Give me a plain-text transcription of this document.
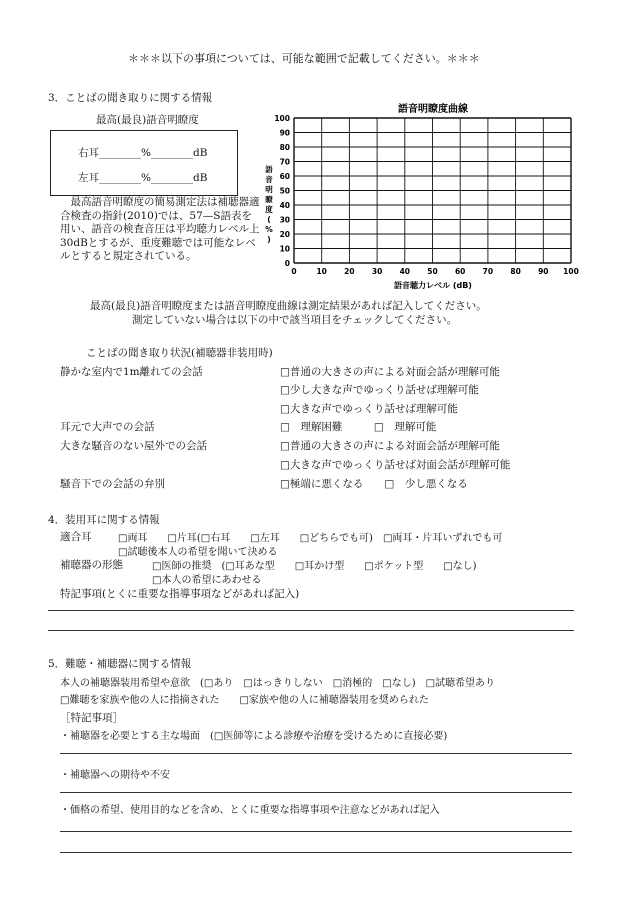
＊＊＊以下の事項については、可能な範囲で記載してください。＊＊＊
3．ことばの聞き取りに関する情報
最高(最良)語音明瞭度
右耳________%________dB
左耳________%________dB
　最高語音明瞭度の簡易測定法は補聴器適合検査の指針(2010)では、57—S語表を用い、語音の検査音圧は平均聴力レベル上30dBとするが、重度難聴では可能なレベルとすると規定されている。
語音明瞭度曲線
0
10
20
30
40
50
60
70
80
90
100
0	10 20 30 40 50 60 70 80 90 100
語音聴力レベル (dB)
語
音
明
瞭
度
(
%
)
最高(最良)語音明瞭度または語音明瞭度曲線は測定結果があれば記入してください。
測定していない場合は以下の中で該当項目をチェックしてください。
ことばの聞き取り状況(補聴器非装用時)
静かな室内で1m離れての会話	□普通の大きさの声による対面会話が理解可能
□少し大きな声でゆっくり話せば理解可能
□大きな声でゆっくり話せば理解可能
耳元で大声での会話	□　理解困難　　　□　理解可能
大きな騒音のない屋外での会話	□普通の大きさの声による対面会話が理解可能
□大きな声でゆっくり話せば対面会話が理解可能
騒音下での会話の弁別	□極端に悪くなる　　□　少し悪くなる
4．装用耳に関する情報
適合耳	□両耳　　□片耳(□右耳　　□左耳　　□どちらでも可)　□両耳・片耳いずれでも可
□試聴後本人の希望を聞いて決める
補聴器の形態	□医師の推奨　(□耳あな型　　□耳かけ型　　□ポケット型　　□なし)
□本人の希望にあわせる
特記事項(とくに重要な指導事項などがあれば記入)
5．難聴・補聴器に関する情報
本人の補聴器装用希望や意欲　(□あり　□はっきりしない　□消極的　□なし)　□試聴希望あり
□難聴を家族や他の人に指摘された　　□家族や他の人に補聴器装用を奨められた
［特記事項］
・補聴器を必要とする主な場面　(□医師等による診療や治療を受けるために直接必要)
・補聴器への期待や不安
・価格の希望、使用目的などを含め、とくに重要な指導事項や注意などがあれば記入
